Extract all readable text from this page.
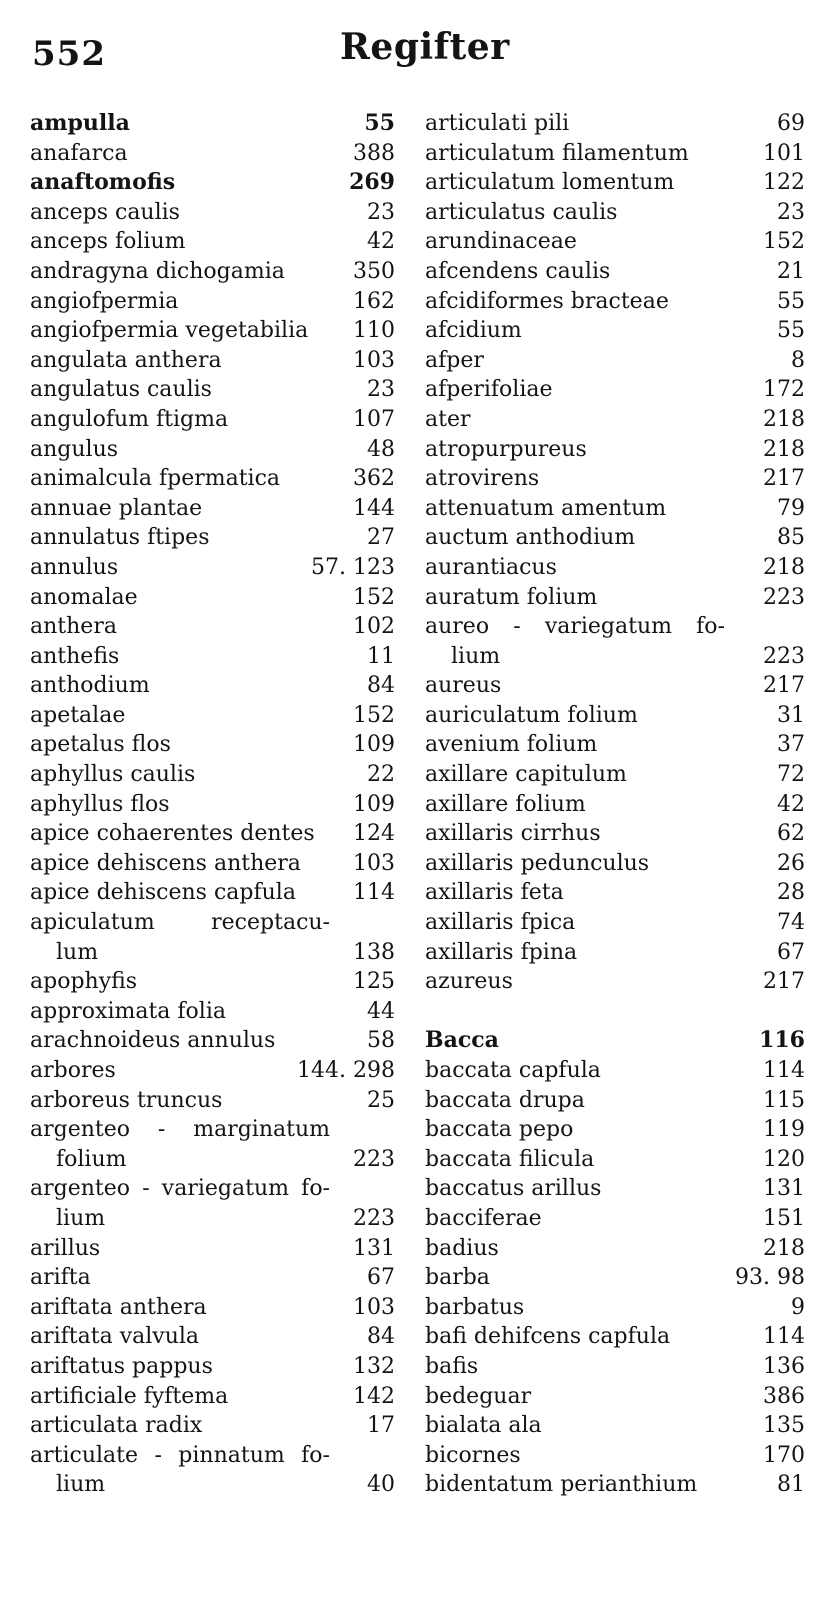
552	Regifter
ampulla	55
anafarca	388
anaftomofis	269
anceps caulis	23
anceps folium	42
andragyna dichogamia	350
angiofpermia	162
angiofpermia vegetabilia	110
angulata anthera	103
angulatus caulis	23
angulofum ftigma	107
angulus	48
animalcula fpermatica	362
annuae plantae	144
annulatus ftipes	27
annulus	57. 123
anomalae	152
anthera	102
anthefis	11
anthodium	84
apetalae	152
apetalus flos	109
aphyllus caulis	22
aphyllus flos	109
apice cohaerentes dentes	124
apice dehiscens anthera	103
apice dehiscens capfula	114
apiculatum receptacu-
lum	138
apophyfis	125
approximata folia	44
arachnoideus annulus	58
arbores	144. 298
arboreus truncus	25
argenteo - marginatum
folium	223
argenteo - variegatum fo-
lium	223
arillus	131
arifta	67
ariftata anthera	103
ariftata valvula	84
ariftatus pappus	132
artificiale fyftema	142
articulata radix	17
articulate - pinnatum fo-
lium	40
articulati pili	69
articulatum filamentum	101
articulatum lomentum	122
articulatus caulis	23
arundinaceae	152
afcendens caulis	21
afcidiformes bracteae	55
afcidium	55
afper	8
afperifoliae	172
ater	218
atropurpureus	218
atrovirens	217
attenuatum amentum	79
auctum anthodium	85
aurantiacus	218
auratum folium	223
aureo - variegatum fo-
lium	223
aureus	217
auriculatum folium	31
avenium folium	37
axillare capitulum	72
axillare folium	42
axillaris cirrhus	62
axillaris pedunculus	26
axillaris feta	28
axillaris fpica	74
axillaris fpina	67
azureus	217
Bacca	116
baccata capfula	114
baccata drupa	115
baccata pepo	119
baccata filicula	120
baccatus arillus	131
bacciferae	151
badius	218
barba	93. 98
barbatus	9
bafi dehifcens capfula	114
bafis	136
bedeguar	386
bialata ala	135
bicornes	170
bidentatum perianthium	81
